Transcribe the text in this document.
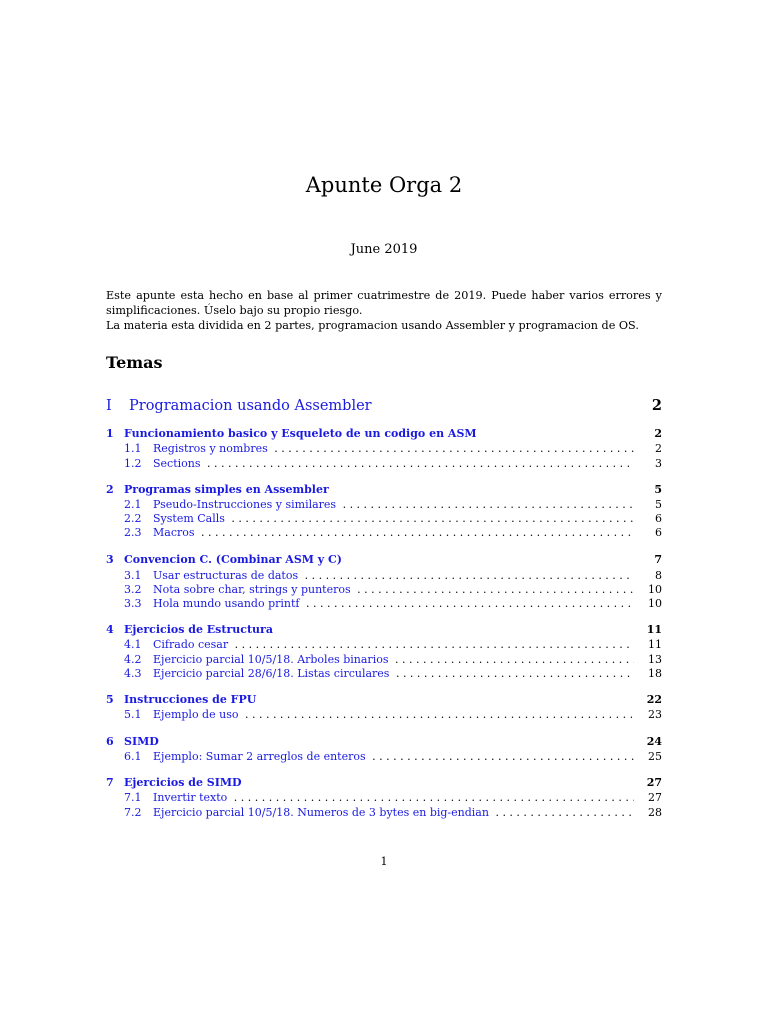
Apunte Orga 2
June 2019

Este apunte esta hecho en base al primer cuatrimestre de 2019. Puede haber varios errores y simplificaciones. Úselo bajo su propio riesgo.

La materia esta dividida en 2 partes, programacion usando Assembler y programacion de OS.

Temas
I Programacion usando Assembler	2
1 Funcionamiento basico y Esqueleto de un codigo en ASM	2
1.1 Registros y nombres . . .	2
1.2 Sections . . .	3
2 Programas simples en Assembler	5
2.1 Pseudo-Instrucciones y similares . . .	5
2.2 System Calls . . .	6
2.3 Macros . . .	6
3 Convencion C. (Combinar ASM y C)	7
3.1 Usar estructuras de datos . . .	8
3.2 Nota sobre char, strings y punteros . . .	10
3.3 Hola mundo usando printf . . .	10
4 Ejercicios de Estructura	11
4.1 Cifrado cesar . . .	11
4.2 Ejercicio parcial 10/5/18. Arboles binarios . . .	13
4.3 Ejercicio parcial 28/6/18. Listas circulares . . .	18
5 Instrucciones de FPU	22
5.1 Ejemplo de uso . . .	23
6 SIMD	24
6.1 Ejemplo: Sumar 2 arreglos de enteros . . .	25
7 Ejercicios de SIMD	27
7.1 Invertir texto . . .	27
7.2 Ejercicio parcial 10/5/18. Numeros de 3 bytes en big-endian . . .	28
1
